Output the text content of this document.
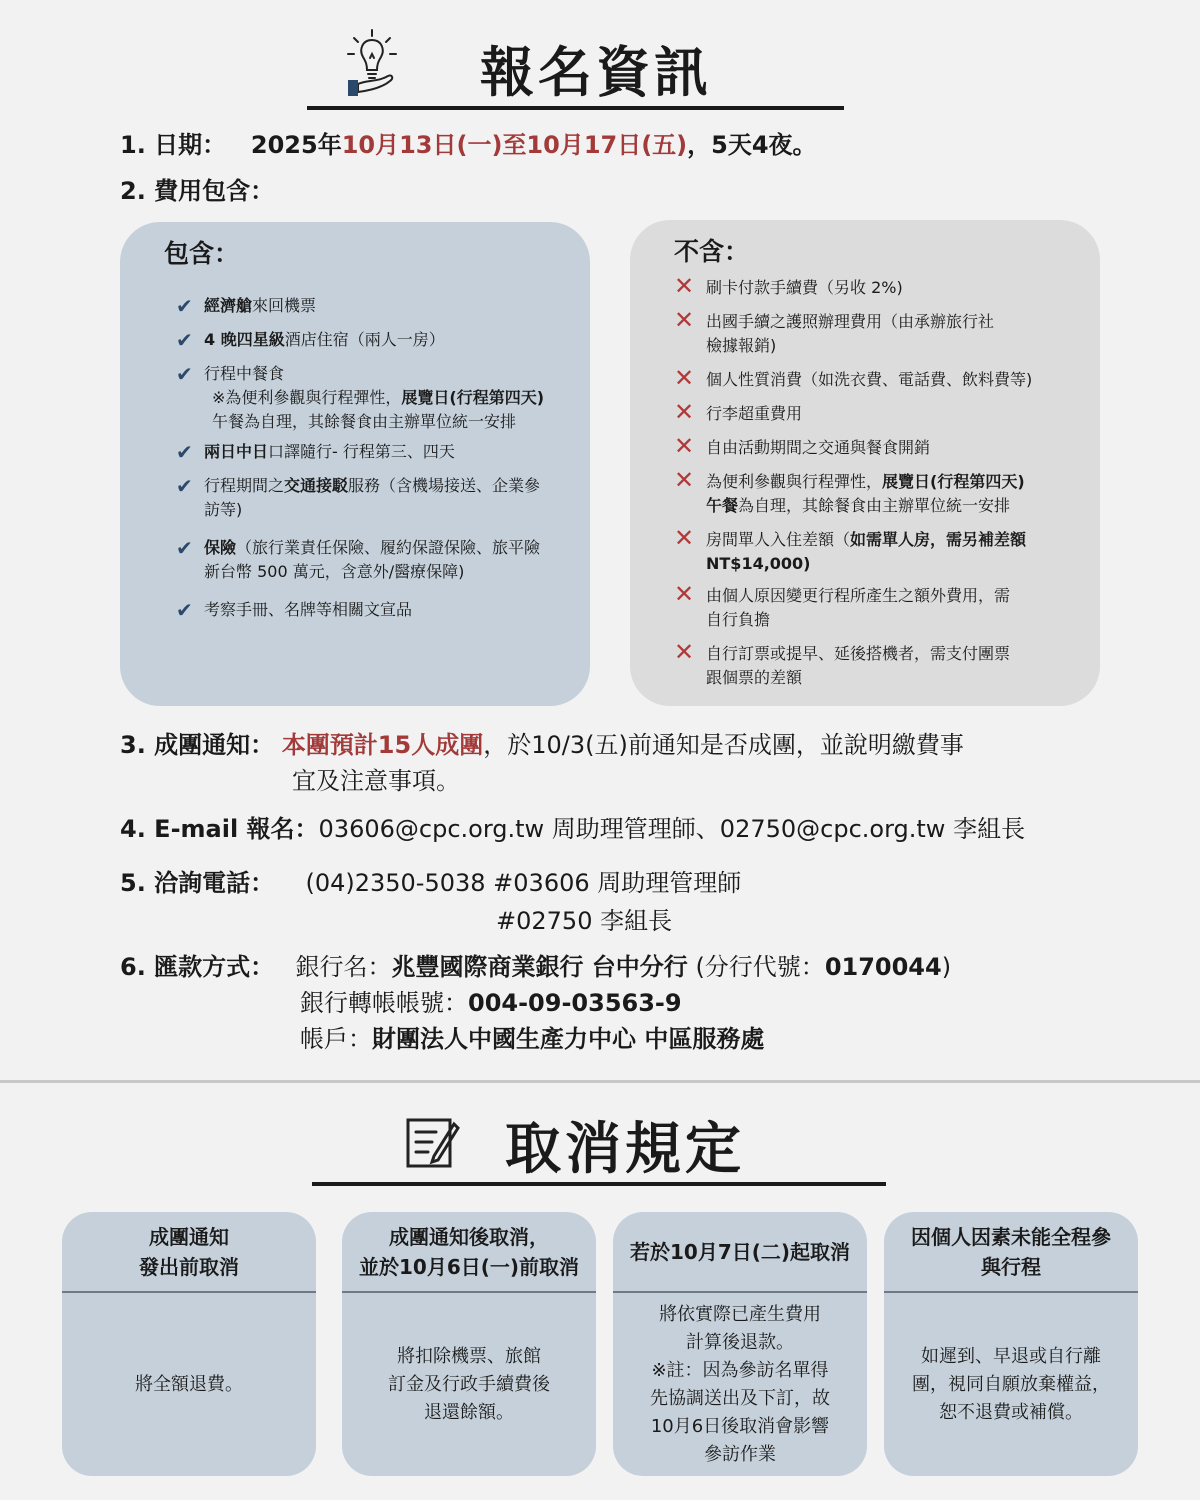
報名資訊
1. 日期： 2025年10月13日(一)至10月17日(五)，5天4夜。
2. 費用包含：
包含：
✔ 經濟艙來回機票
✔ 4 晚四星級酒店住宿（兩人一房）
✔ 行程中餐食
※為便利參觀與行程彈性，展覽日(行程第四天)
午餐為自理，其餘餐食由主辦單位統一安排
✔ 兩日中日口譯隨行- 行程第三、四天
✔ 行程期間之交通接駁服務（含機場接送、企業參
訪等)
✔ 保險（旅行業責任保險、履約保證保險、旅平險
新台幣 500 萬元，含意外/醫療保障)
✔ 考察手冊、名牌等相關文宣品
不含：
✕ 刷卡付款手續費（另收 2%)
✕ 出國手續之護照辦理費用（由承辦旅行社
檢據報銷)
✕ 個人性質消費（如洗衣費、電話費、飲料費等)
✕ 行李超重費用
✕ 自由活動期間之交通與餐食開銷
✕ 為便利參觀與行程彈性，展覽日(行程第四天)
午餐為自理，其餘餐食由主辦單位統一安排
✕ 房間單人入住差額（如需單人房，需另補差額
NT$14,000)
✕ 由個人原因變更行程所產生之額外費用，需
自行負擔
✕ 自行訂票或提早、延後搭機者，需支付團票
跟個票的差額
3. 成團通知： 本團預計15人成團，於10/3(五)前通知是否成團，並說明繳費事
宜及注意事項。
4. E-mail 報名：03606@cpc.org.tw 周助理管理師、02750@cpc.org.tw 李組長
5. 洽詢電話： (04)2350-5038 #03606 周助理管理師
#02750 李組長
6. 匯款方式： 銀行名：兆豐國際商業銀行 台中分行 (分行代號：0170044)
銀行轉帳帳號：004-09-03563-9
帳戶：財團法人中國生產力中心 中區服務處
取消規定
成團通知
發出前取消
將全額退費。
成團通知後取消，
並於10月6日(一)前取消
將扣除機票、旅館
訂金及行政手續費後
退還餘額。
若於10月7日(二)起取消
將依實際已產生費用
計算後退款。
※註：因為參訪名單得
先協調送出及下訂，故
10月6日後取消會影響
參訪作業
因個人因素未能全程參
與行程
如遲到、早退或自行離
團，視同自願放棄權益，
恕不退費或補償。
